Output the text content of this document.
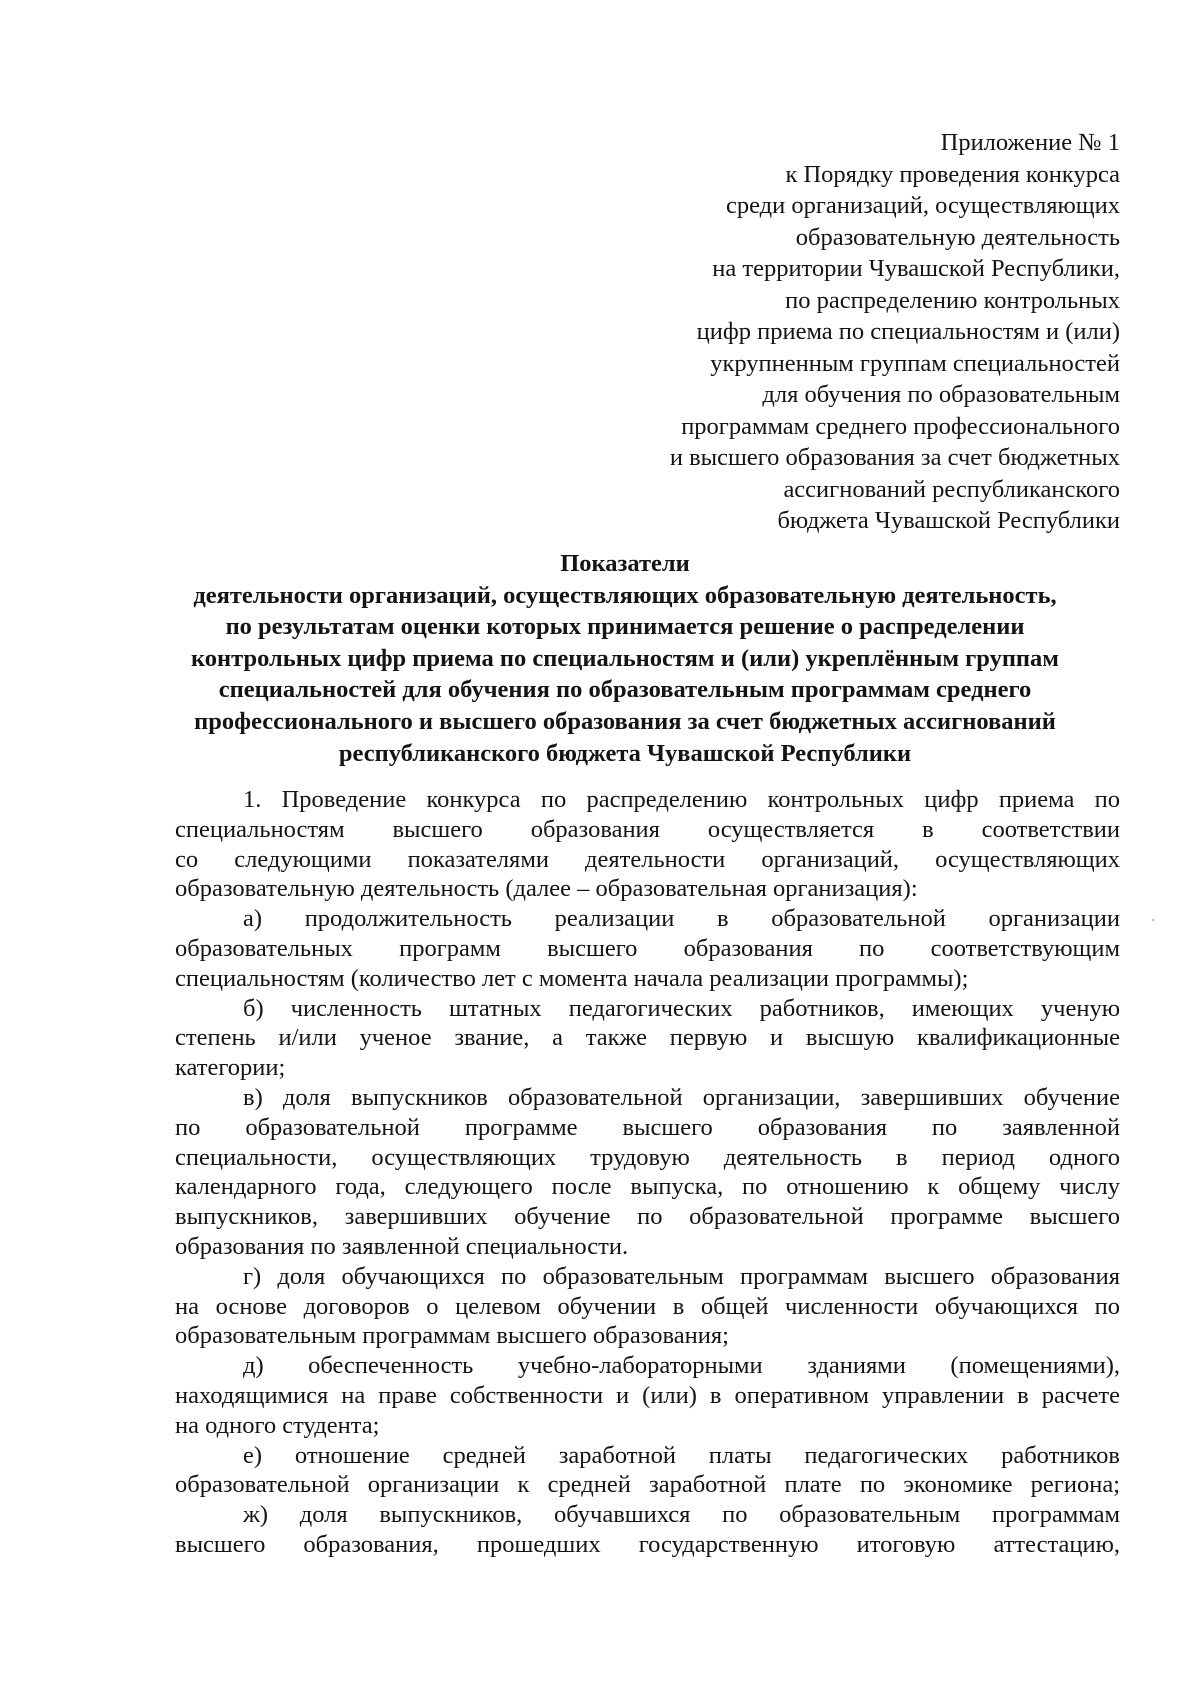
Приложение № 1
к Порядку проведения конкурса
среди организаций, осуществляющих
образовательную деятельность
на территории Чувашской Республики,
по распределению контрольных
цифр приема по специальностям и (или)
укрупненным группам специальностей
для обучения по образовательным
программам среднего профессионального
и высшего образования за счет бюджетных
ассигнований республиканского
бюджета Чувашской Республики
Показатели
деятельности организаций, осуществляющих образовательную деятельность,
по результатам оценки которых принимается решение о распределении
контрольных цифр приема по специальностям и (или) укреплённым группам
специальностей для обучения по образовательным программам среднего
профессионального и высшего образования за счет бюджетных ассигнований
республиканского бюджета Чувашской Республики
1. Проведение конкурса по распределению контрольных цифр приема по
специальностям высшего образования осуществляется в соответствии
со следующими показателями деятельности организаций, осуществляющих
образовательную деятельность (далее – образовательная организация):
а) продолжительность реализации в образовательной организации
образовательных программ высшего образования по соответствующим
специальностям (количество лет с момента начала реализации программы);
б) численность штатных педагогических работников, имеющих ученую
степень и/или ученое звание, а также первую и высшую квалификационные
категории;
в) доля выпускников образовательной организации, завершивших обучение
по образовательной программе высшего образования по заявленной
специальности, осуществляющих трудовую деятельность в период одного
календарного года, следующего после выпуска, по отношению к общему числу
выпускников, завершивших обучение по образовательной программе высшего
образования по заявленной специальности.
г) доля обучающихся по образовательным программам высшего образования
на основе договоров о целевом обучении в общей численности обучающихся по
образовательным программам высшего образования;
д) обеспеченность учебно-лабораторными зданиями (помещениями),
находящимися на праве собственности и (или) в оперативном управлении в расчете
на одного студента;
е) отношение средней заработной платы педагогических работников
образовательной организации к средней заработной плате по экономике региона;
ж) доля выпускников, обучавшихся по образовательным программам
высшего образования, прошедших государственную итоговую аттестацию,
